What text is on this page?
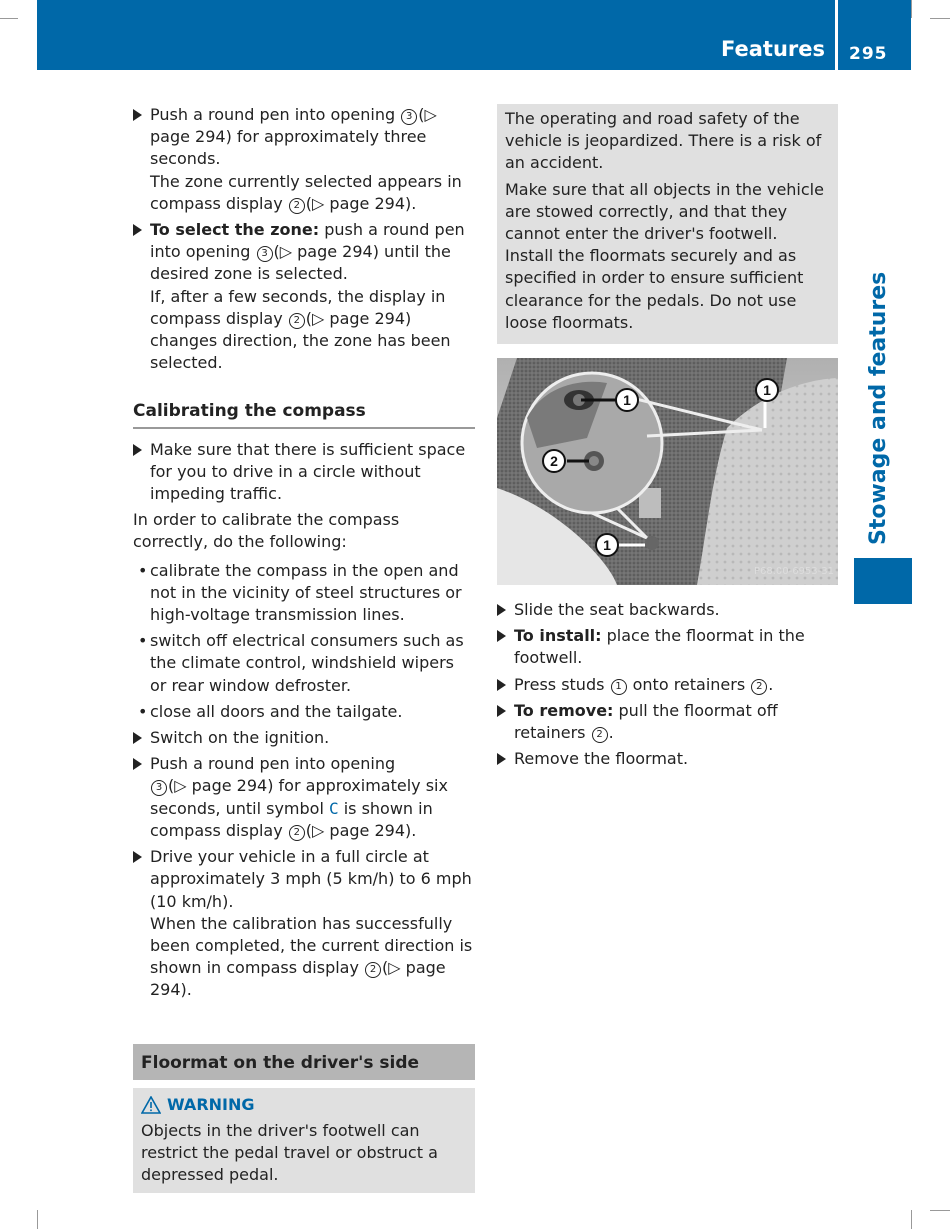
Features 295
Stowage and features
Push a round pen into opening 3 (▷ page 294) for approximately three seconds.
The zone currently selected appears in compass display 2 (▷ page 294).
To select the zone: push a round pen into opening 3 (▷ page 294) until the desired zone is selected.
If, after a few seconds, the display in compass display 2 (▷ page 294) changes direction, the zone has been selected.
Calibrating the compass
Make sure that there is sufficient space for you to drive in a circle without impeding traffic.

In order to calibrate the compass correctly, do the following:

• calibrate the compass in the open and not in the vicinity of steel structures or high-voltage transmission lines.
• switch off electrical consumers such as the climate control, windshield wipers or rear window defroster.
• close all doors and the tailgate.
Switch on the ignition.
Push a round pen into opening
3 (▷ page 294) for approximately six seconds, until symbol C is shown in compass display 2 (▷ page 294).
Drive your vehicle in a full circle at approximately 3 mph (5 km/h) to 6 mph (10 km/h).
When the calibration has successfully been completed, the current direction is shown in compass display 2 (▷ page 294).
Floormat on the driver's side
WARNING
Objects in the driver's footwell can restrict the pedal travel or obstruct a depressed pedal.

The operating and road safety of the vehicle is jeopardized. There is a risk of an accident.

Make sure that all objects in the vehicle are stowed correctly, and that they cannot enter the driver's footwell. Install the floormats securely and as specified in order to ensure sufficient clearance for the pedals. Do not use loose floormats.

1
1
2
1
P68.00-6953-31
Slide the seat backwards.
To install: place the floormat in the footwell.
Press studs 1 onto retainers 2 .
To remove: pull the floormat off retainers 2 .
Remove the floormat.
